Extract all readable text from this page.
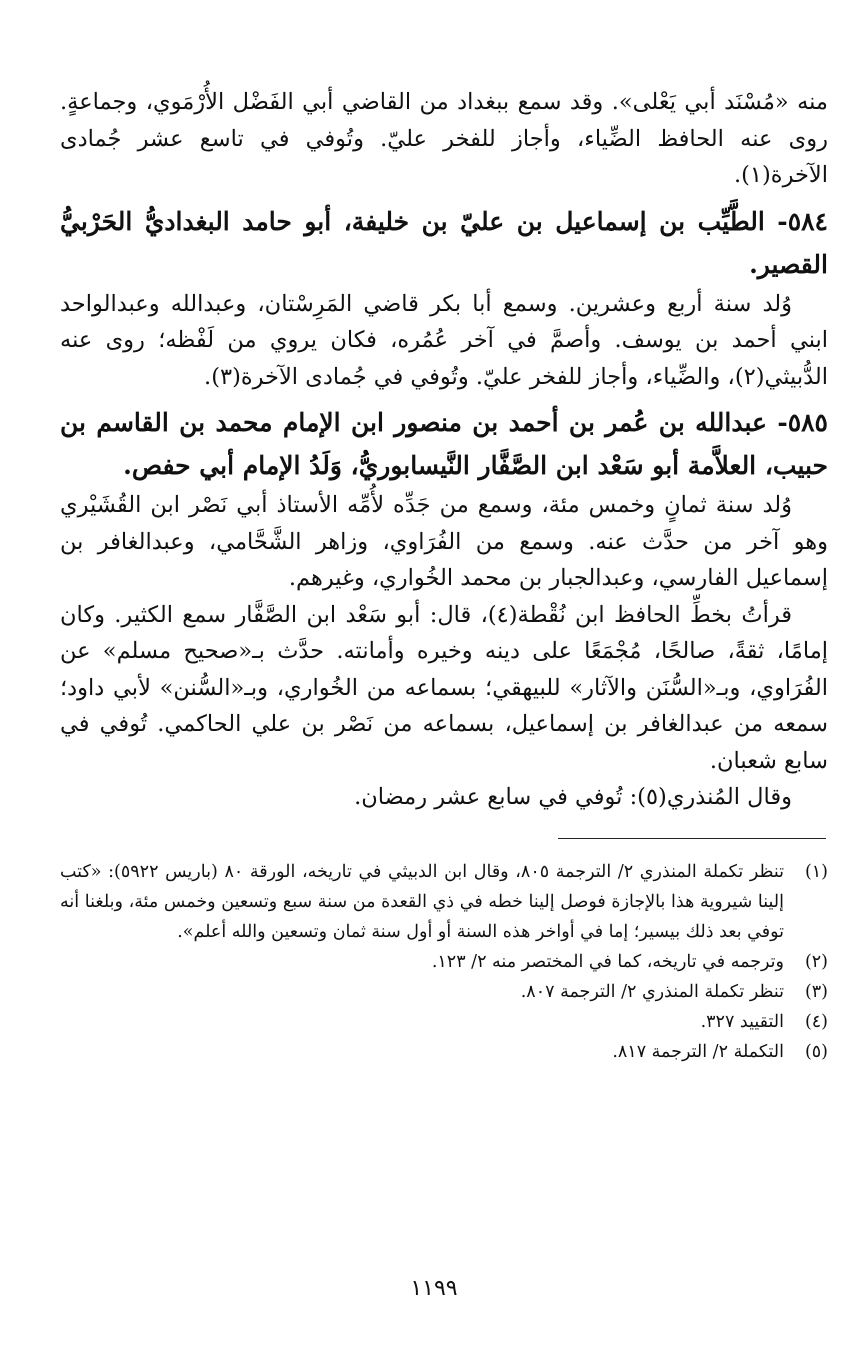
منه «مُسْنَد أبي يَعْلى». وقد سمع ببغداد من القاضي أبي الفَضْل الأُرْمَوي، وجماعةٍ. روى عنه الحافظ الضِّياء، وأجاز للفخر عليّ. وتُوفي في تاسع عشر جُمادى الآخرة(١).

٥٨٤- الطَّيِّب بن إسماعيل بن عليّ بن خليفة، أبو حامد البغداديُّ الحَرْبيُّ القصير.

وُلد سنة أربع وعشرين. وسمع أبا بكر قاضي المَرِسْتان، وعبدالله وعبدالواحد ابني أحمد بن يوسف. وأصمَّ في آخر عُمُره، فكان يروي من لَفْظه؛ روى عنه الدُّبيثي(٢)، والضِّياء، وأجاز للفخر عليّ. وتُوفي في جُمادى الآخرة(٣).

٥٨٥- عبدالله بن عُمر بن أحمد بن منصور ابن الإمام محمد بن القاسم بن حبيب، العلاَّمة أبو سَعْد ابن الصَّفَّار النَّيسابوريُّ، وَلَدُ الإمام أبي حفص.

وُلد سنة ثمانٍ وخمس مئة، وسمع من جَدِّه لأُمِّه الأستاذ أبي نَصْر ابن القُشَيْري وهو آخر من حدَّث عنه. وسمع من الفُرَاوي، وزاهر الشَّحَّامي، وعبدالغافر بن إسماعيل الفارسي، وعبدالجبار بن محمد الخُواري، وغيرهم.

قرأتُ بخطِّ الحافظ ابن نُقْطة(٤)، قال: أبو سَعْد ابن الصَّفَّار سمع الكثير. وكان إمامًا، ثقةً، صالحًا، مُجْمَعًا على دينه وخيره وأمانته. حدَّث بـ«صحيح مسلم» عن الفُرَاوي، وبـ«السُّنَن والآثار» للبيهقي؛ بسماعه من الخُواري، وبـ«السُّنن» لأبي داود؛ سمعه من عبدالغافر بن إسماعيل، بسماعه من نَصْر بن علي الحاكمي. تُوفي في سابع شعبان.

وقال المُنذري(٥): تُوفي في سابع عشر رمضان.

(١)
تنظر تكملة المنذري ٢/ الترجمة ٨٠٥، وقال ابن الدبيثي في تاريخه، الورقة ٨٠ (باريس ٥٩٢٢): «كتب إلينا شيروية هذا بالإجازة فوصل إلينا خطه في ذي القعدة من سنة سبع وتسعين وخمس مئة، وبلغنا أنه توفي بعد ذلك بيسير؛ إما في أواخر هذه السنة أو أول سنة ثمان وتسعين والله أعلم».
(٢)
وترجمه في تاريخه، كما في المختصر منه ٢/ ١٢٣.
(٣)
تنظر تكملة المنذري ٢/ الترجمة ٨٠٧.
(٤)
التقييد ٣٢٧.
(٥)
التكملة ٢/ الترجمة ٨١٧.
١١٩٩
